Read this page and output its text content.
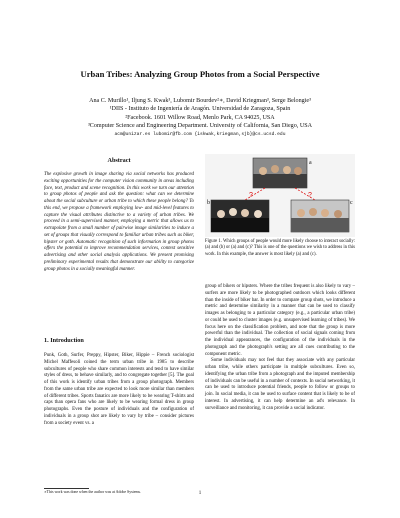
Urban Tribes: Analyzing Group Photos from a Social Perspective
Ana C. Murillo¹, Iljung S. Kwak³, Lubomir Bourdev²∗, David Kriegman³, Serge Belongie³
¹DIIS - Instituto de Ingeniería de Aragón. Universidad de Zaragoza, Spain
²Facebook. 1601 Willow Road, Menlo Park, CA 94025, USA
³Computer Science and Engineering Department. University of California, San Diego, USA
acm@unizar.es lubomir@fb.com {iskwak,kriegman,sjb}@cs.ucsd.edu
Abstract
The explosive growth in image sharing via social networks has produced exciting opportunities for the computer vision community in areas including face, text, product and scene recognition. In this work we turn our attention to group photos of people and ask the question: what can we determine about the social subculture or urban tribe to which these people belong? To this end, we propose a framework employing low- and mid-level features to capture the visual attributes distinctive to a variety of urban tribes. We proceed in a semi-supervised manner, employing a metric that allows us to extrapolate from a small number of pairwise image similarities to induce a set of groups that visually correspond to familiar urban tribes such as biker, hipster or goth. Automatic recognition of such information in group photos offers the potential to improve recommendation services, context sensitive advertising and other social analysis applications. We present promising preliminary experimental results that demonstrate our ability to categorize group photos in a socially meaningful manner.
1. Introduction
Punk, Goth, Surfer, Preppy, Hipster, Biker, Hippie – French sociologist Michel Maffesoli coined the term urban tribe in 1985 to describe subcultures of people who share common interests and tend to have similar styles of dress, to behave similarly, and to congregate together [5]. The goal of this work is identify urban tribes from a group photograph. Members from the same urban tribe are expected to look more similar than members of different tribes. Sports fanatics are more likely to be wearing T-shirts and caps than opera fans who are likely to be wearing formal dress in group photographs. Even the posture of individuals and the configuration of individuals in a group shot are likely to vary by tribe – consider pictures from a society event vs. a
∗This work was done when the author was at Adobe Systems.
?	?
a
b	c
Figure 1. Which groups of people would more likely choose to interact socially: (a) and (b) or (a) and (c)? This is one of the questions we wish to address in this work. In this example, the answer is most likely (a) and (c).

group of bikers or hipsters. Where the tribes frequent is also likely to vary – surfers are more likely to be photographed outdoors which looks different than the inside of biker bar. In order to compare group shots, we introduce a metric and determine similarity in a manner that can be used to classify images as belonging to a particular category (e.g., a particular urban tribe) or could be used to cluster images (e.g. unsupervised learning of tribes). We focus here on the classification problem, and note that the group is more powerful than the individual. The collection of social signals coming from the individual appearances, the configuration of the individuals in the photograph and the photograph's setting are all cues contributing to the component metric.

Some individuals may not feel that they associate with any particular urban tribe, while others participate in multiple subcultures. Even so, identifying the urban tribe from a photograph and the imputed membership of individuals can be useful in a number of contexts. In social networking, it can be used to introduce potential friends, people to follow or groups to join. In social media, it can be used to surface content that is likely to be of interest. In advertising, it can help determine an ad's relevance. In surveillance and monitoring, it can provide a social indicator.

1
